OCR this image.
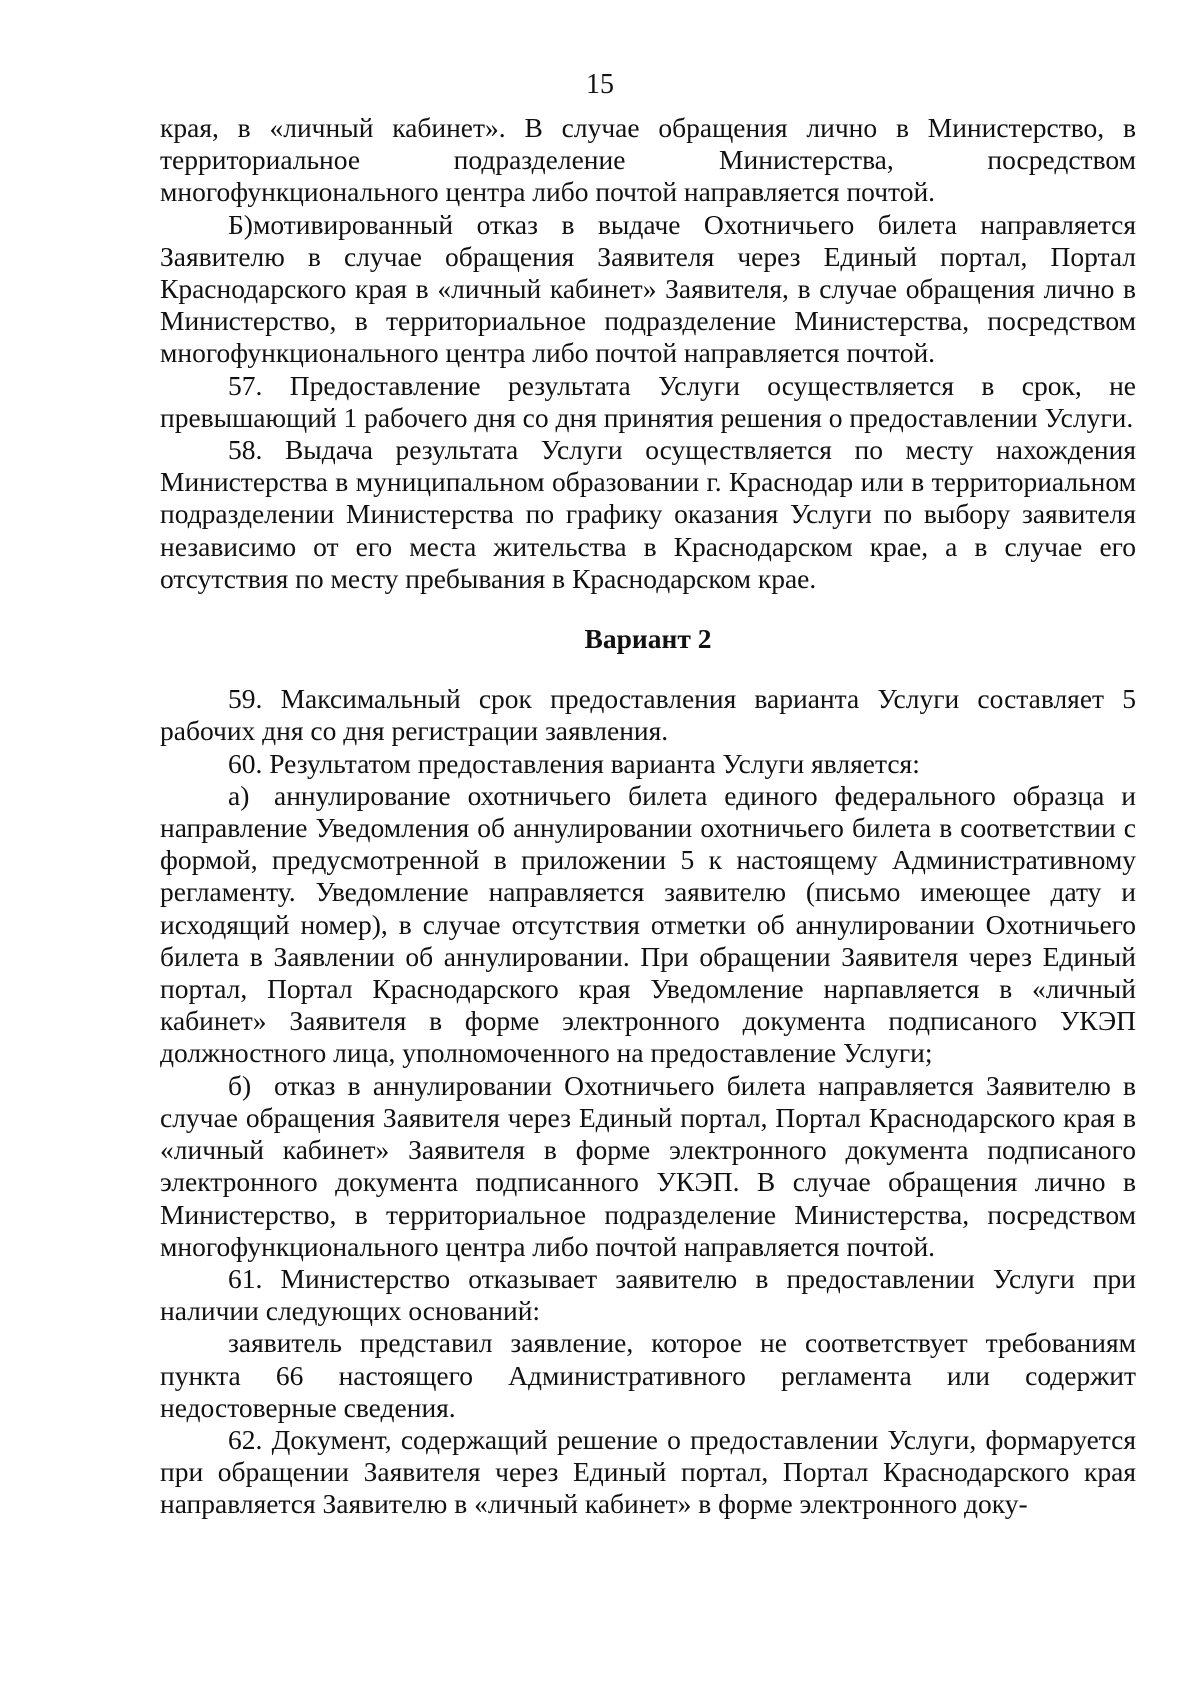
15

края, в «личный кабинет». В случае обращения лично в Министерство, в территориальное подразделение Министерства, посредством многофункционального центра либо почтой направляется почтой.

Б)мотивированный отказ в выдаче Охотничьего билета направляется Заявителю в случае обращения Заявителя через Единый портал, Портал Краснодарского края в «личный кабинет» Заявителя, в случае обращения лично в Министерство, в территориальное подразделение Министерства, посредством многофункционального центра либо почтой направляется почтой.

57. Предоставление результата Услуги осуществляется в срок, не превышающий 1 рабочего дня со дня принятия решения о предоставлении Услуги.

58. Выдача результата Услуги осуществляется по месту нахождения Министерства в муниципальном образовании г. Краснодар или в территориальном подразделении Министерства по графику оказания Услуги по выбору заявителя независимо от его места жительства в Краснодарском крае, а в случае его отсутствия по месту пребывания в Краснодарском крае.

Вариант 2

59. Максимальный срок предоставления варианта Услуги составляет 5 рабочих дня со дня регистрации заявления.

60. Результатом предоставления варианта Услуги является:

а) аннулирование охотничьего билета единого федерального образца и направление Уведомления об аннулировании охотничьего билета в соответствии с формой, предусмотренной в приложении 5 к настоящему Административному регламенту. Уведомление направляется заявителю (письмо имеющее дату и исходящий номер), в случае отсутствия отметки об аннулировании Охотничьего билета в Заявлении об аннулировании. При обращении Заявителя через Единый портал, Портал Краснодарского края Уведомление нарпавляется в «личный кабинет» Заявителя в форме электронного документа подписаного УКЭП должностного лица, уполномоченного на предоставление Услуги;

б) отказ в аннулировании Охотничьего билета направляется Заявителю в случае обращения Заявителя через Единый портал, Портал Краснодарского края в «личный кабинет» Заявителя в форме электронного документа подписаного электронного документа подписанного УКЭП. В случае обращения лично в Министерство, в территориальное подразделение Министерства, посредством многофункционального центра либо почтой направляется почтой.

61. Министерство отказывает заявителю в предоставлении Услуги при наличии следующих оснований:

заявитель представил заявление, которое не соответствует требованиям пункта 66 настоящего Административного регламента или содержит недостоверные сведения.

62. Документ, содержащий решение о предоставлении Услуги, формаруется при обращении Заявителя через Единый портал, Портал Краснодарского края направляется Заявителю в «личный кабинет» в форме электронного доку-
